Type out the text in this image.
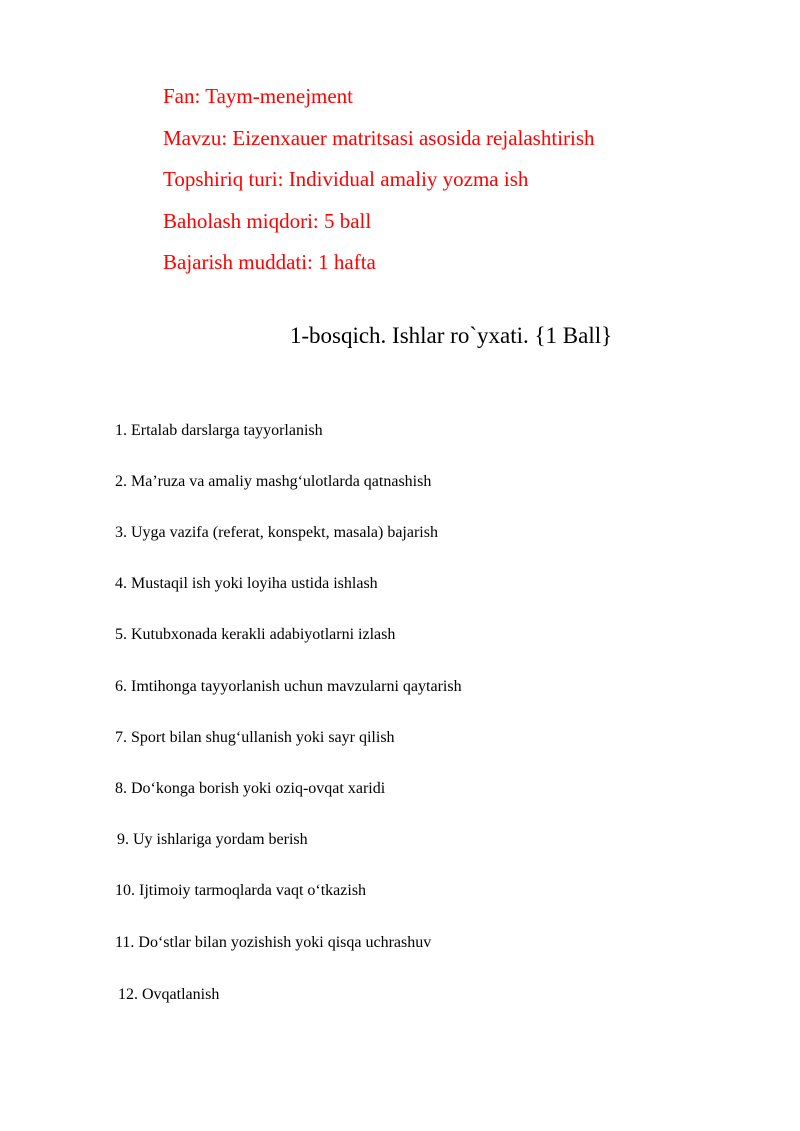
Fan: Taym-menejment
Mavzu: Eizenxauer matritsasi asosida rejalashtirish
Topshiriq turi: Individual amaliy yozma ish
Baholash miqdori: 5 ball
Bajarish muddati: 1 hafta
1-bosqich. Ishlar ro`yxati. {1 Ball}
1. Ertalab darslarga tayyorlanish
2. Ma’ruza va amaliy mashg‘ulotlarda qatnashish
3. Uyga vazifa (referat, konspekt, masala) bajarish
4. Mustaqil ish yoki loyiha ustida ishlash
5. Kutubxonada kerakli adabiyotlarni izlash
6. Imtihonga tayyorlanish uchun mavzularni qaytarish
7. Sport bilan shug‘ullanish yoki sayr qilish
8. Do‘konga borish yoki oziq-ovqat xaridi
9. Uy ishlariga yordam berish
10. Ijtimoiy tarmoqlarda vaqt o‘tkazish
11. Do‘stlar bilan yozishish yoki qisqa uchrashuv
12. Ovqatlanish
